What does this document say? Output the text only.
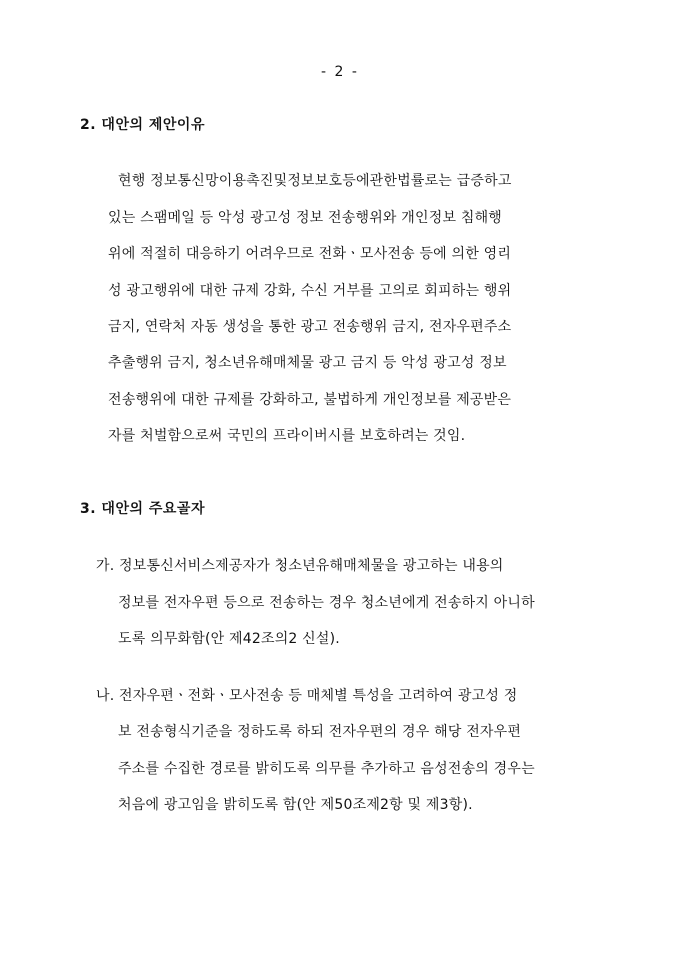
- 2 -
2. 대안의 제안이유
현행 정보통신망이용촉진및정보보호등에관한법률로는 급증하고
있는 스팸메일 등 악성 광고성 정보 전송행위와 개인정보 침해행
위에 적절히 대응하기 어려우므로 전화ㆍ모사전송 등에 의한 영리
성 광고행위에 대한 규제 강화, 수신 거부를 고의로 회피하는 행위
금지, 연락처 자동 생성을 통한 광고 전송행위 금지, 전자우편주소
추출행위 금지, 청소년유해매체물 광고 금지 등 악성 광고성 정보
전송행위에 대한 규제를 강화하고, 불법하게 개인정보를 제공받은
자를 처벌함으로써 국민의 프라이버시를 보호하려는 것임.
3. 대안의 주요골자
가. 정보통신서비스제공자가 청소년유해매체물을 광고하는 내용의
정보를 전자우편 등으로 전송하는 경우 청소년에게 전송하지 아니하
도록 의무화함(안 제42조의2 신설).
나. 전자우편ㆍ전화ㆍ모사전송 등 매체별 특성을 고려하여 광고성 정
보 전송형식기준을 정하도록 하되 전자우편의 경우 해당 전자우편
주소를 수집한 경로를 밝히도록 의무를 추가하고 음성전송의 경우는
처음에 광고임을 밝히도록 함(안 제50조제2항 및 제3항).
